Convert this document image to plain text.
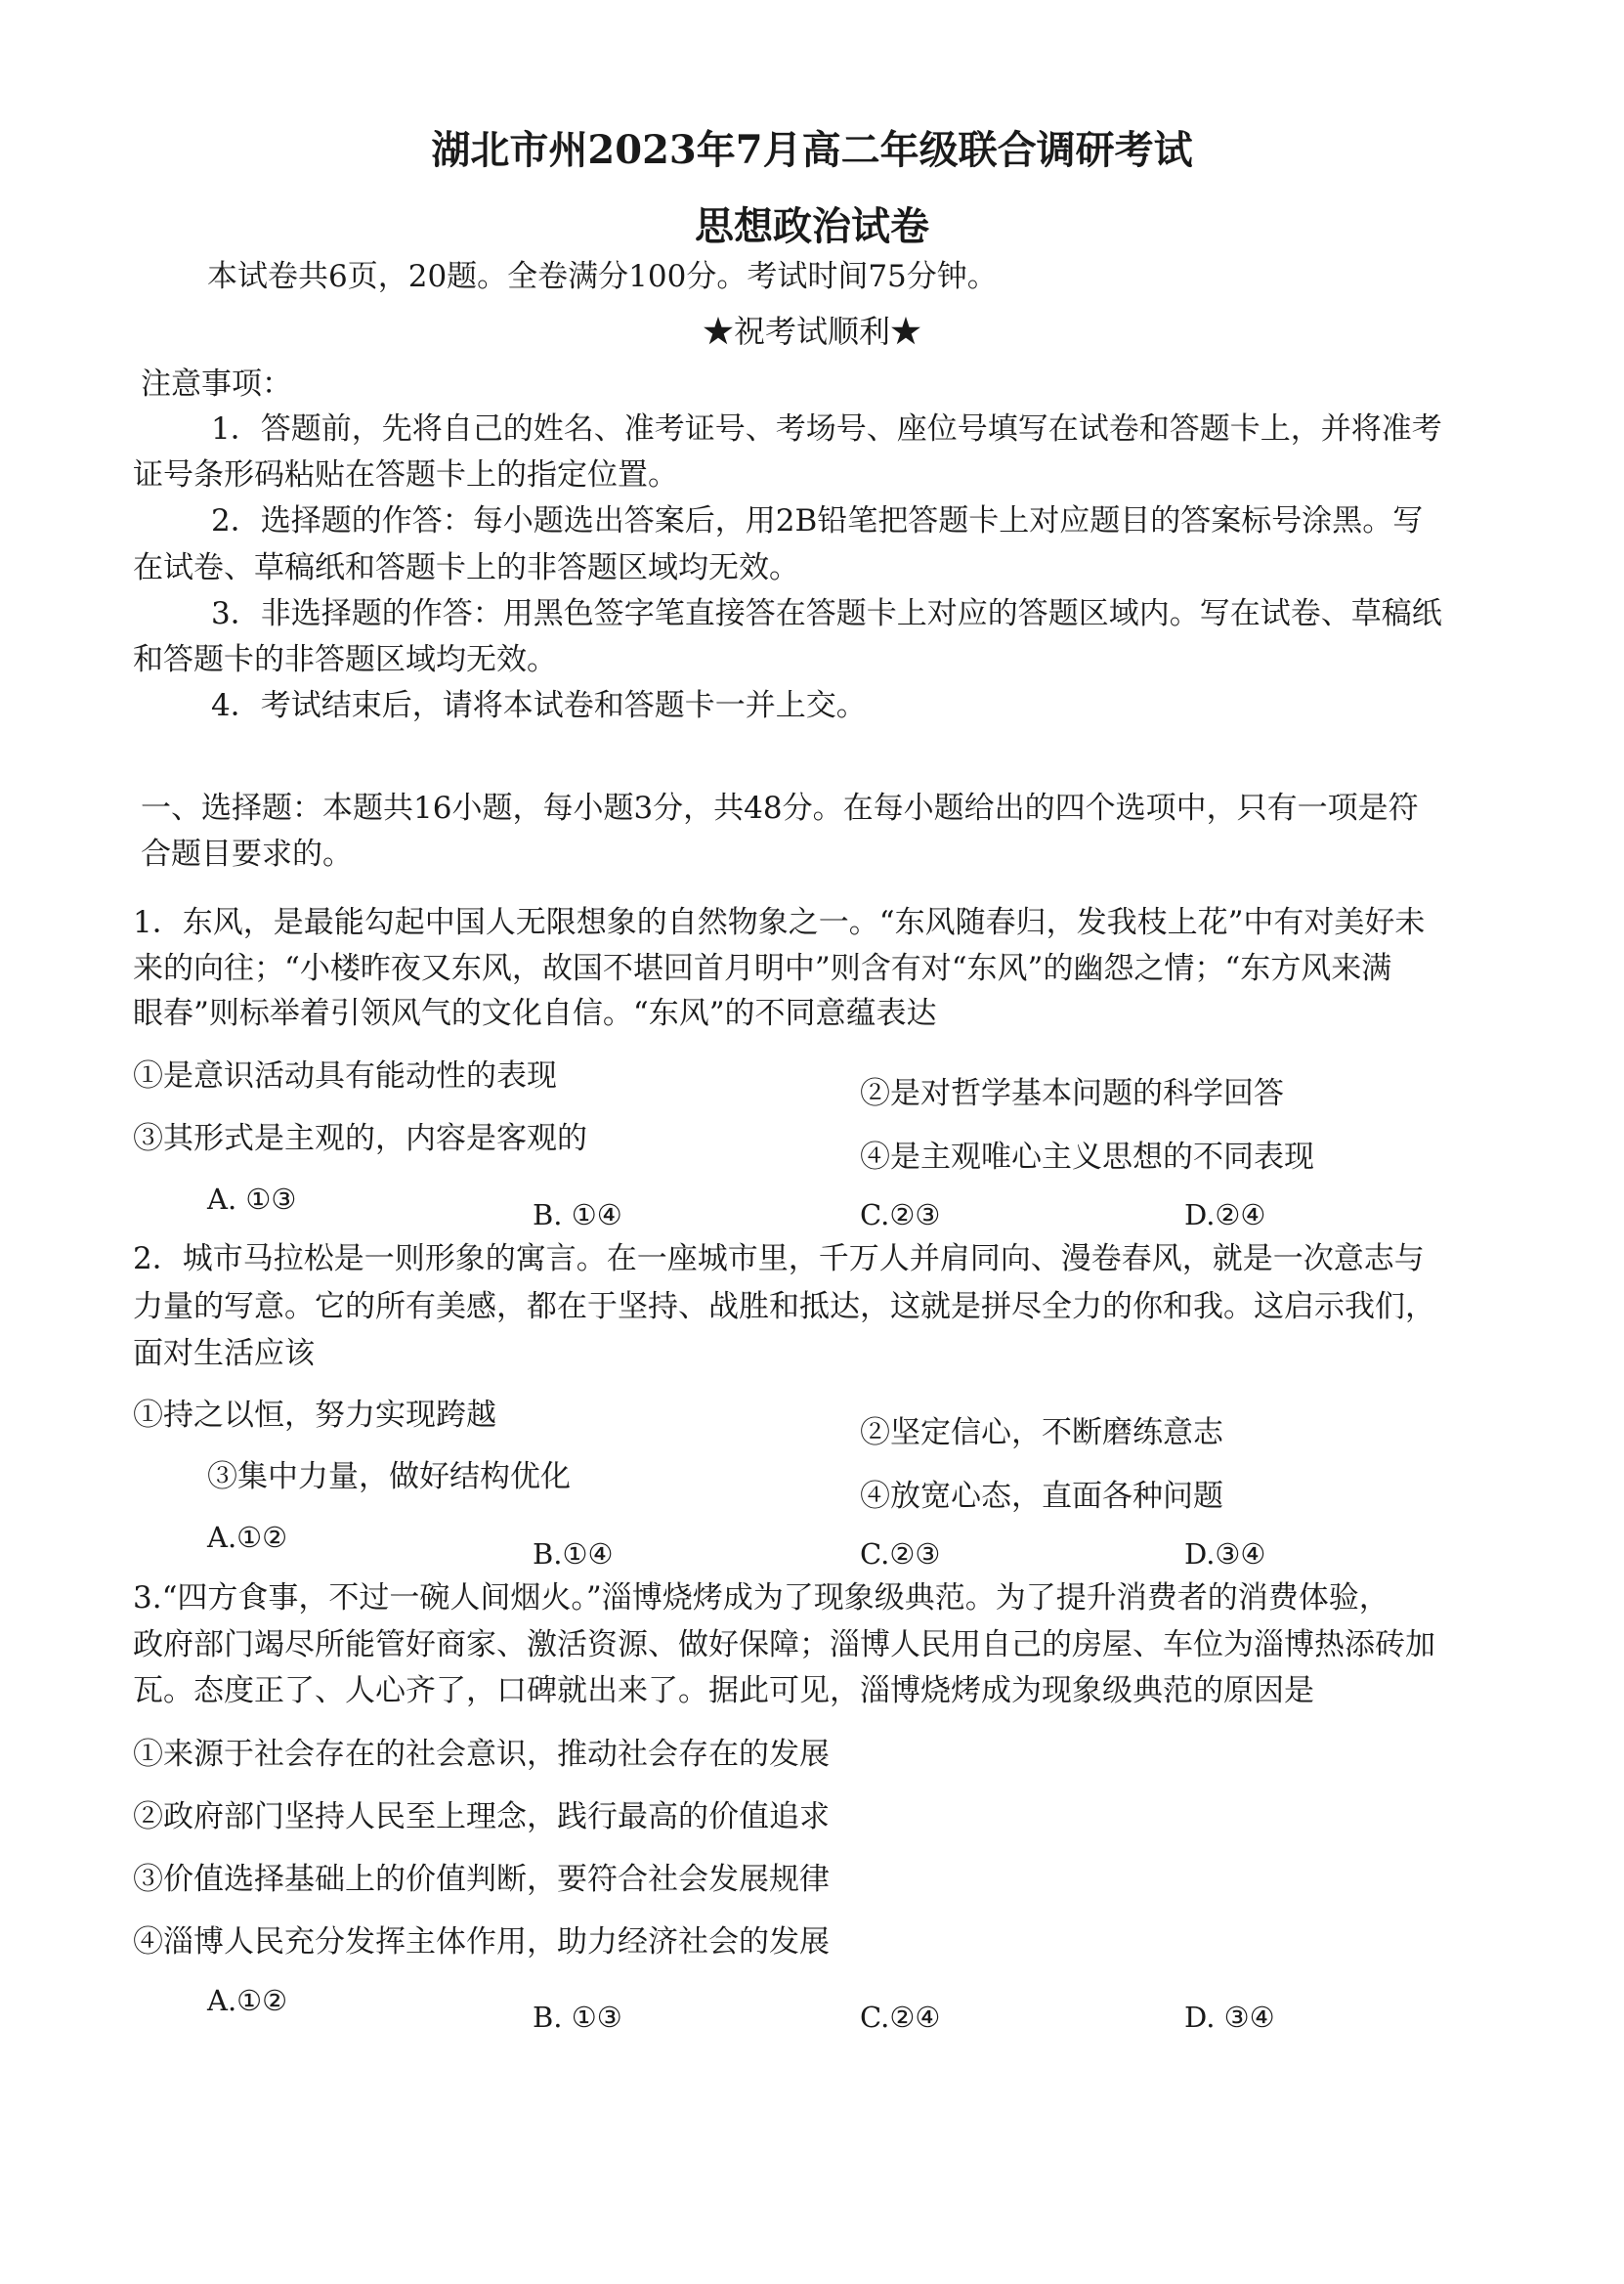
湖北市州2023年7月高二年级联合调研考试
思想政治试卷
本试卷共6页，20题。全卷满分100分。考试时间75分钟。
★祝考试顺利★
注意事项：
1．答题前，先将自己的姓名、准考证号、考场号、座位号填写在试卷和答题卡上，并将准考
证号条形码粘贴在答题卡上的指定位置。
2．选择题的作答：每小题选出答案后，用2B铅笔把答题卡上对应题目的答案标号涂黑。写
在试卷、草稿纸和答题卡上的非答题区域均无效。
3．非选择题的作答：用黑色签字笔直接答在答题卡上对应的答题区域内。写在试卷、草稿纸
和答题卡的非答题区域均无效。
4．考试结束后，请将本试卷和答题卡一并上交。
一、选择题：本题共16小题，每小题3分，共48分。在每小题给出的四个选项中，只有一项是符
合题目要求的。
1．东风，是最能勾起中国人无限想象的自然物象之一。“东风随春归，发我枝上花”中有对美好未
来的向往；“小楼昨夜又东风，故国不堪回首月明中”则含有对“东风”的幽怨之情；“东方风来满
眼春”则标举着引领风气的文化自信。“东风”的不同意蕴表达
①是意识活动具有能动性的表现	②是对哲学基本问题的科学回答
③其形式是主观的，内容是客观的
④是主观唯心主义思想的不同表现
A. ①③	B. ①④	C.②③	D.②④
2．城市马拉松是一则形象的寓言。在一座城市里，千万人并肩同向、漫卷春风，就是一次意志与
力量的写意。它的所有美感，都在于坚持、战胜和抵达，这就是拼尽全力的你和我。这启示我们，
面对生活应该
①持之以恒，努力实现跨越	②坚定信心，不断磨练意志
③集中力量，做好结构优化
④放宽心态，直面各种问题
A.①②	B.①④	C.②③	D.③④
3.“四方食事，不过一碗人间烟火。”淄博烧烤成为了现象级典范。为了提升消费者的消费体验，
政府部门竭尽所能管好商家、激活资源、做好保障；淄博人民用自己的房屋、车位为淄博热添砖加
瓦。态度正了、人心齐了，口碑就出来了。据此可见，淄博烧烤成为现象级典范的原因是
①来源于社会存在的社会意识，推动社会存在的发展
②政府部门坚持人民至上理念，践行最高的价值追求
③价值选择基础上的价值判断，要符合社会发展规律
④淄博人民充分发挥主体作用，助力经济社会的发展
A.①②	B. ①③	C.②④	D. ③④
